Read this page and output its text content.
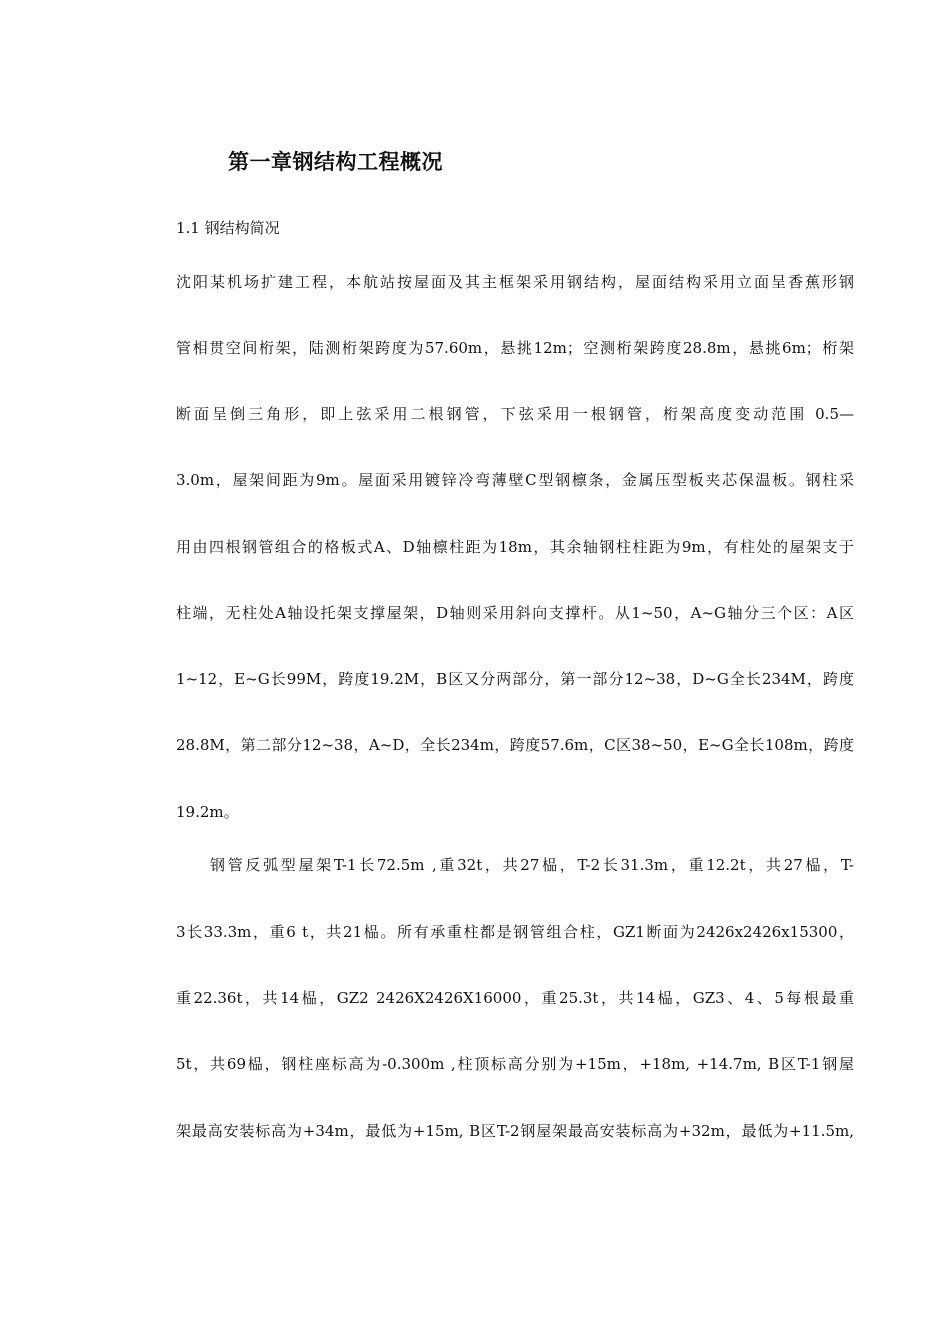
第一章钢结构工程概况
1.1 钢结构简况
沈阳某机场扩建工程，本航站按屋面及其主框架采用钢结构，屋面结构采用立面呈香蕉形钢
管相贯空间桁架，陆测桁架跨度为57.60m，悬挑12m；空测桁架跨度28.8m，悬挑6m；桁架
断面呈倒三角形，即上弦采用二根钢管，下弦采用一根钢管，桁架高度变动范围 0.5—
3.0m，屋架间距为9m。屋面采用镀锌冷弯薄壁C型钢檩条，金属压型板夹芯保温板。钢柱采
用由四根钢管组合的格板式A、D轴檩柱距为18m，其余轴钢柱柱距为9m，有柱处的屋架支于
柱端，无柱处A轴设托架支撑屋架，D轴则采用斜向支撑杆。从1~50，A~G轴分三个区：A区
1~12，E~G长99M，跨度19.2M，B区又分两部分，第一部分12~38，D~G全长234M，跨度
28.8M，第二部分12~38，A~D，全长234m，跨度57.6m，C区38~50，E~G全长108m，跨度
19.2m。
钢管反弧型屋架T-1长72.5m ,重32t，共27榀，T-2长31.3m，重12.2t，共27榀，T-
3长33.3m，重6 t，共21榀。所有承重柱都是钢管组合柱，GZ1断面为2426x2426x15300，
重22.36t，共14榀，GZ2 2426X2426X16000，重25.3t，共14榀，GZ3、4、5每根最重
5t，共69榀，钢柱座标高为-0.300m ,柱顶标高分别为+15m，+18m, +14.7m, B区T-1钢屋
架最高安装标高为+34m，最低为+15m, B区T-2钢屋架最高安装标高为+32m，最低为+11.5m,
